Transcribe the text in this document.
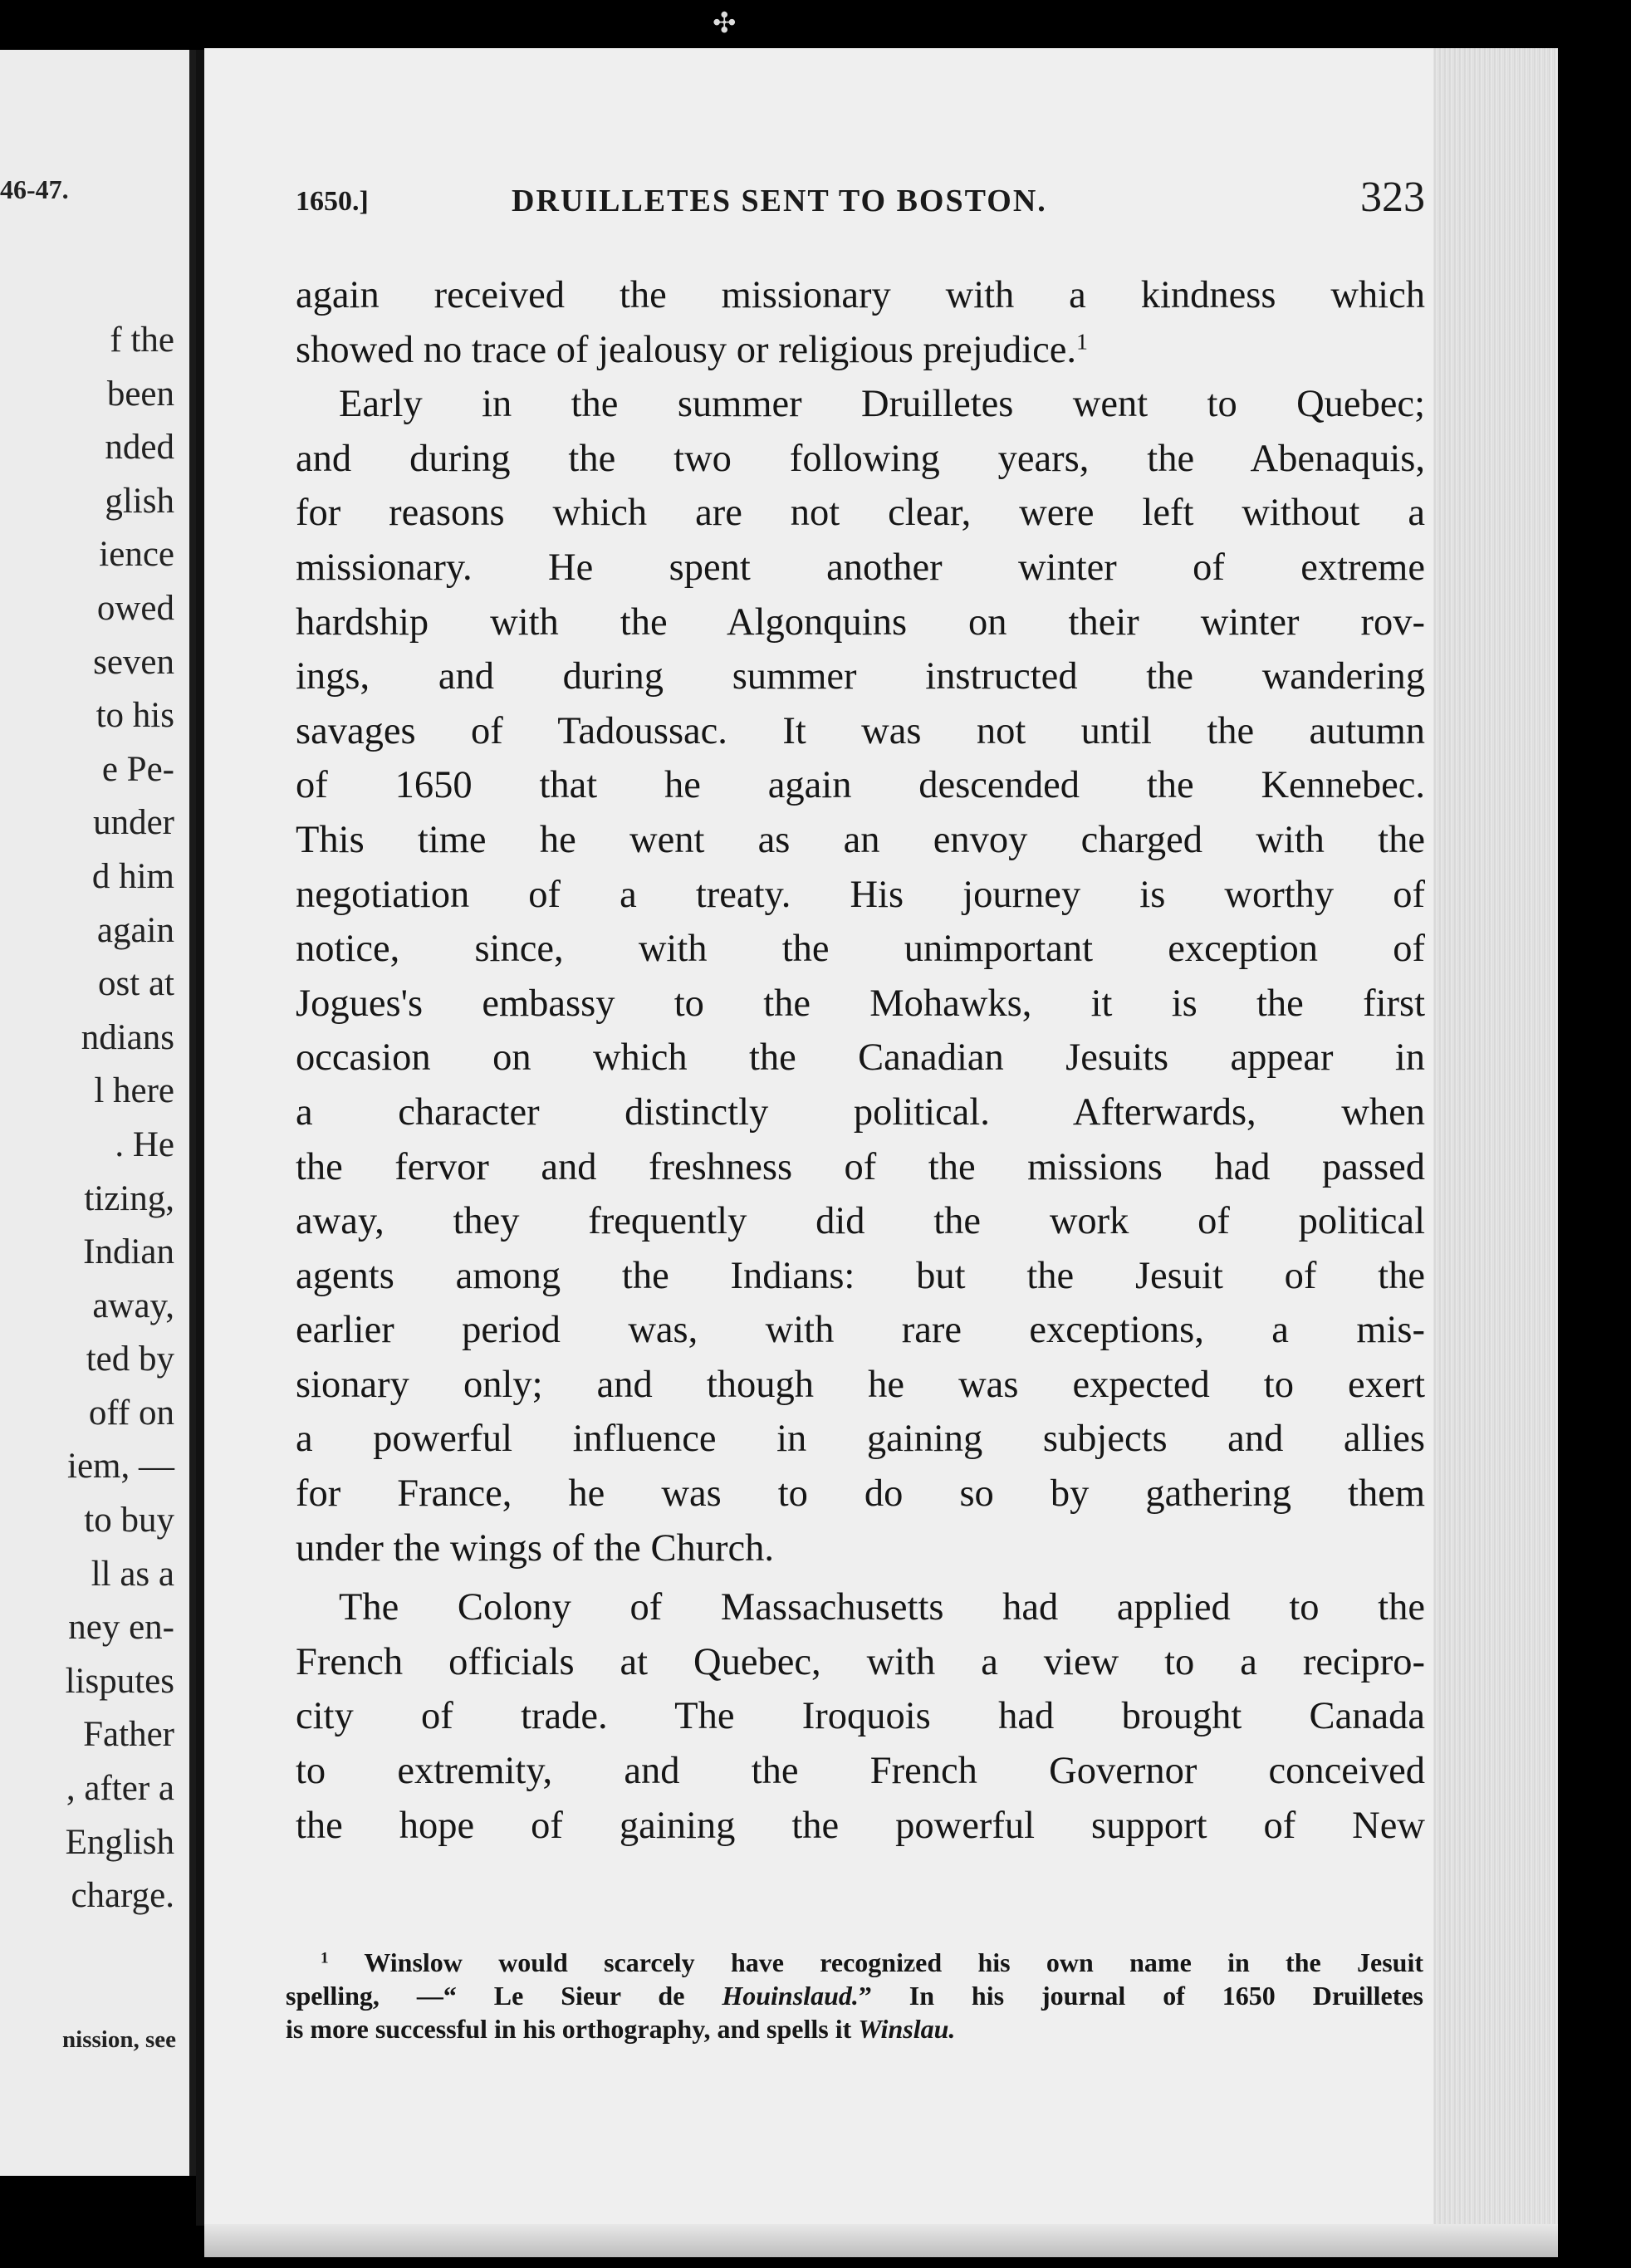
✣
46-47.
f the
been
nded
glish
ience
owed
seven
to his
e Pe-
under
d him
again
ost at
ndians
l here
. He
tizing,
Indian
away,
ted by
off on
iem, —
to buy
ll as a
ney en-
lisputes
Father
, after a
English
charge.
nission, see
1650.]	DRUILLETES SENT TO BOSTON.	323
again received the missionary with a kindness which
showed no trace of jealousy or religious prejudice.$^1$
Early in the summer Druilletes went to Quebec;
and during the two following years, the Abenaquis,
for reasons which are not clear, were left without a
missionary. He spent another winter of extreme
hardship with the Algonquins on their winter rov-
ings, and during summer instructed the wandering
savages of Tadoussac. It was not until the autumn
of 1650 that he again descended the Kennebec.
This time he went as an envoy charged with the
negotiation of a treaty. His journey is worthy of
notice, since, with the unimportant exception of
Jogues's embassy to the Mohawks, it is the first
occasion on which the Canadian Jesuits appear in
a character distinctly political. Afterwards, when
the fervor and freshness of the missions had passed
away, they frequently did the work of political
agents among the Indians: but the Jesuit of the
earlier period was, with rare exceptions, a mis-
sionary only; and though he was expected to exert
a powerful influence in gaining subjects and allies
for France, he was to do so by gathering them
under the wings of the Church.
The Colony of Massachusetts had applied to the
French officials at Quebec, with a view to a recipro-
city of trade. The Iroquois had brought Canada
to extremity, and the French Governor conceived
the hope of gaining the powerful support of New
$^1$ Winslow would scarcely have recognized his own name in the Jesuit
spelling, —“ Le Sieur de Houinslaud.” In his journal of 1650 Druilletes
is more successful in his orthography, and spells it Winslau.
